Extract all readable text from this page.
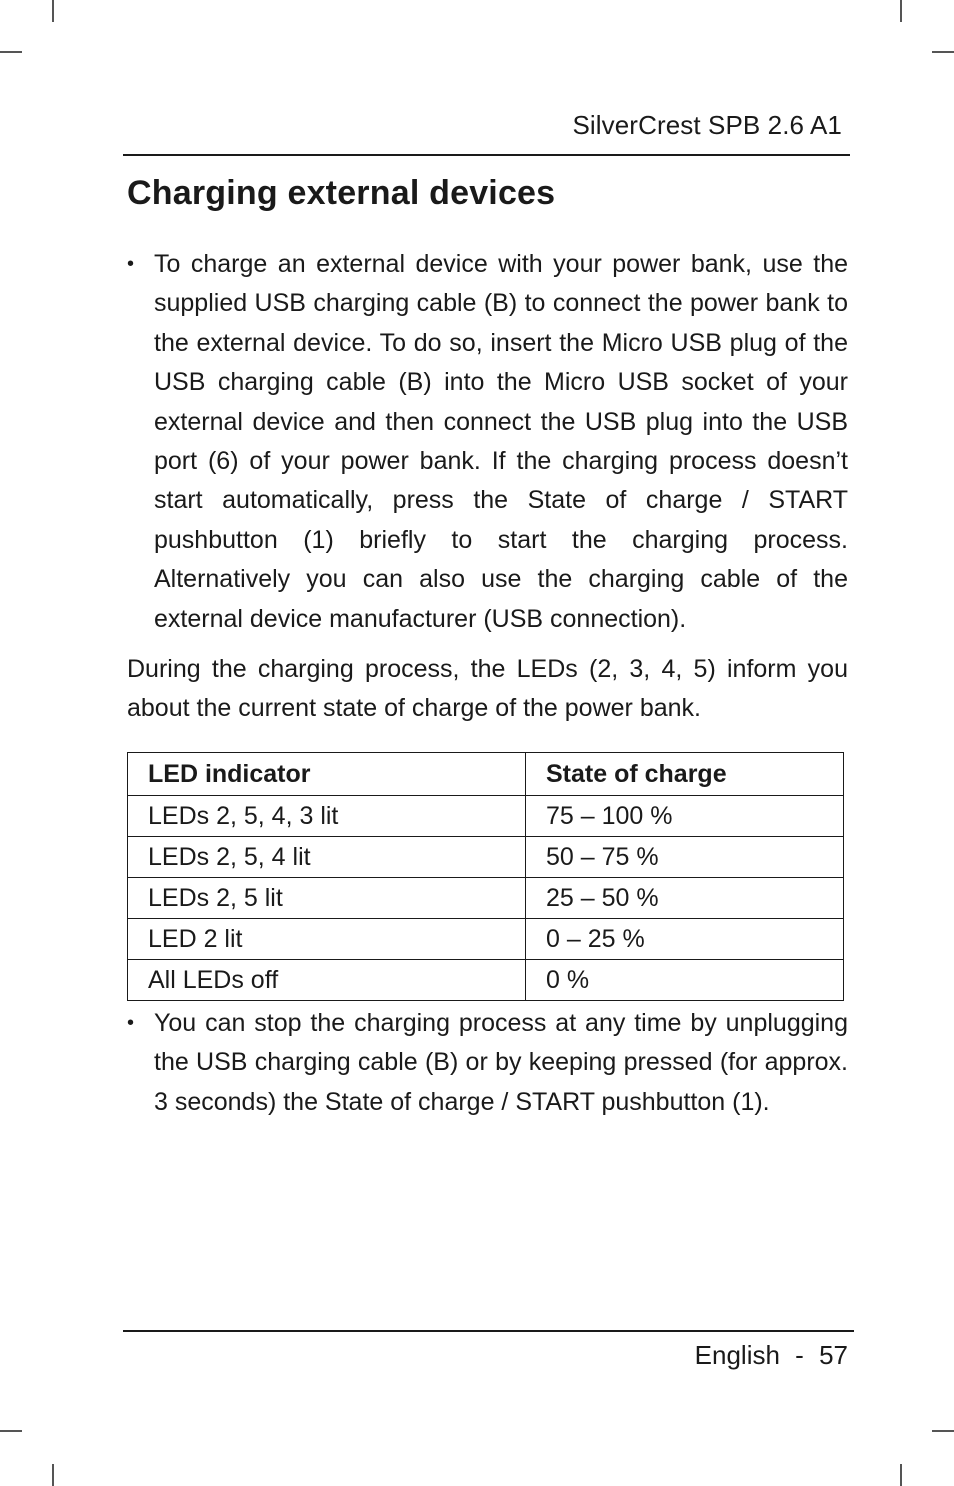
SilverCrest SPB 2.6 A1
Charging external devices
• To charge an external device with your power bank, use the supplied USB charging cable (B) to connect the power bank to the external device. To do so, insert the Micro USB plug of the USB charging cable (B) into the Micro USB socket of your external device and then connect the USB plug into the USB port (6) of your power bank. If the charging process doesn’t start automatically, press the State of charge / START pushbutton (1) briefly to start the charging process. Alternatively you can also use the charging cable of the external device manufacturer (USB connection).
During the charging process, the LEDs (2, 3, 4, 5) inform you about the current state of charge of the power bank.
LED indicator	State of charge
LEDs 2, 5, 4, 3 lit	75 – 100 %
LEDs 2, 5, 4 lit	50 – 75 %
LEDs 2, 5 lit	25 – 50 %
LED 2 lit	0 – 25 %
All LEDs off	0 %
• You can stop the charging process at any time by unplugging the USB charging cable (B) or by keeping pressed (for approx. 3 seconds) the State of charge / START pushbutton (1).
English - 57
